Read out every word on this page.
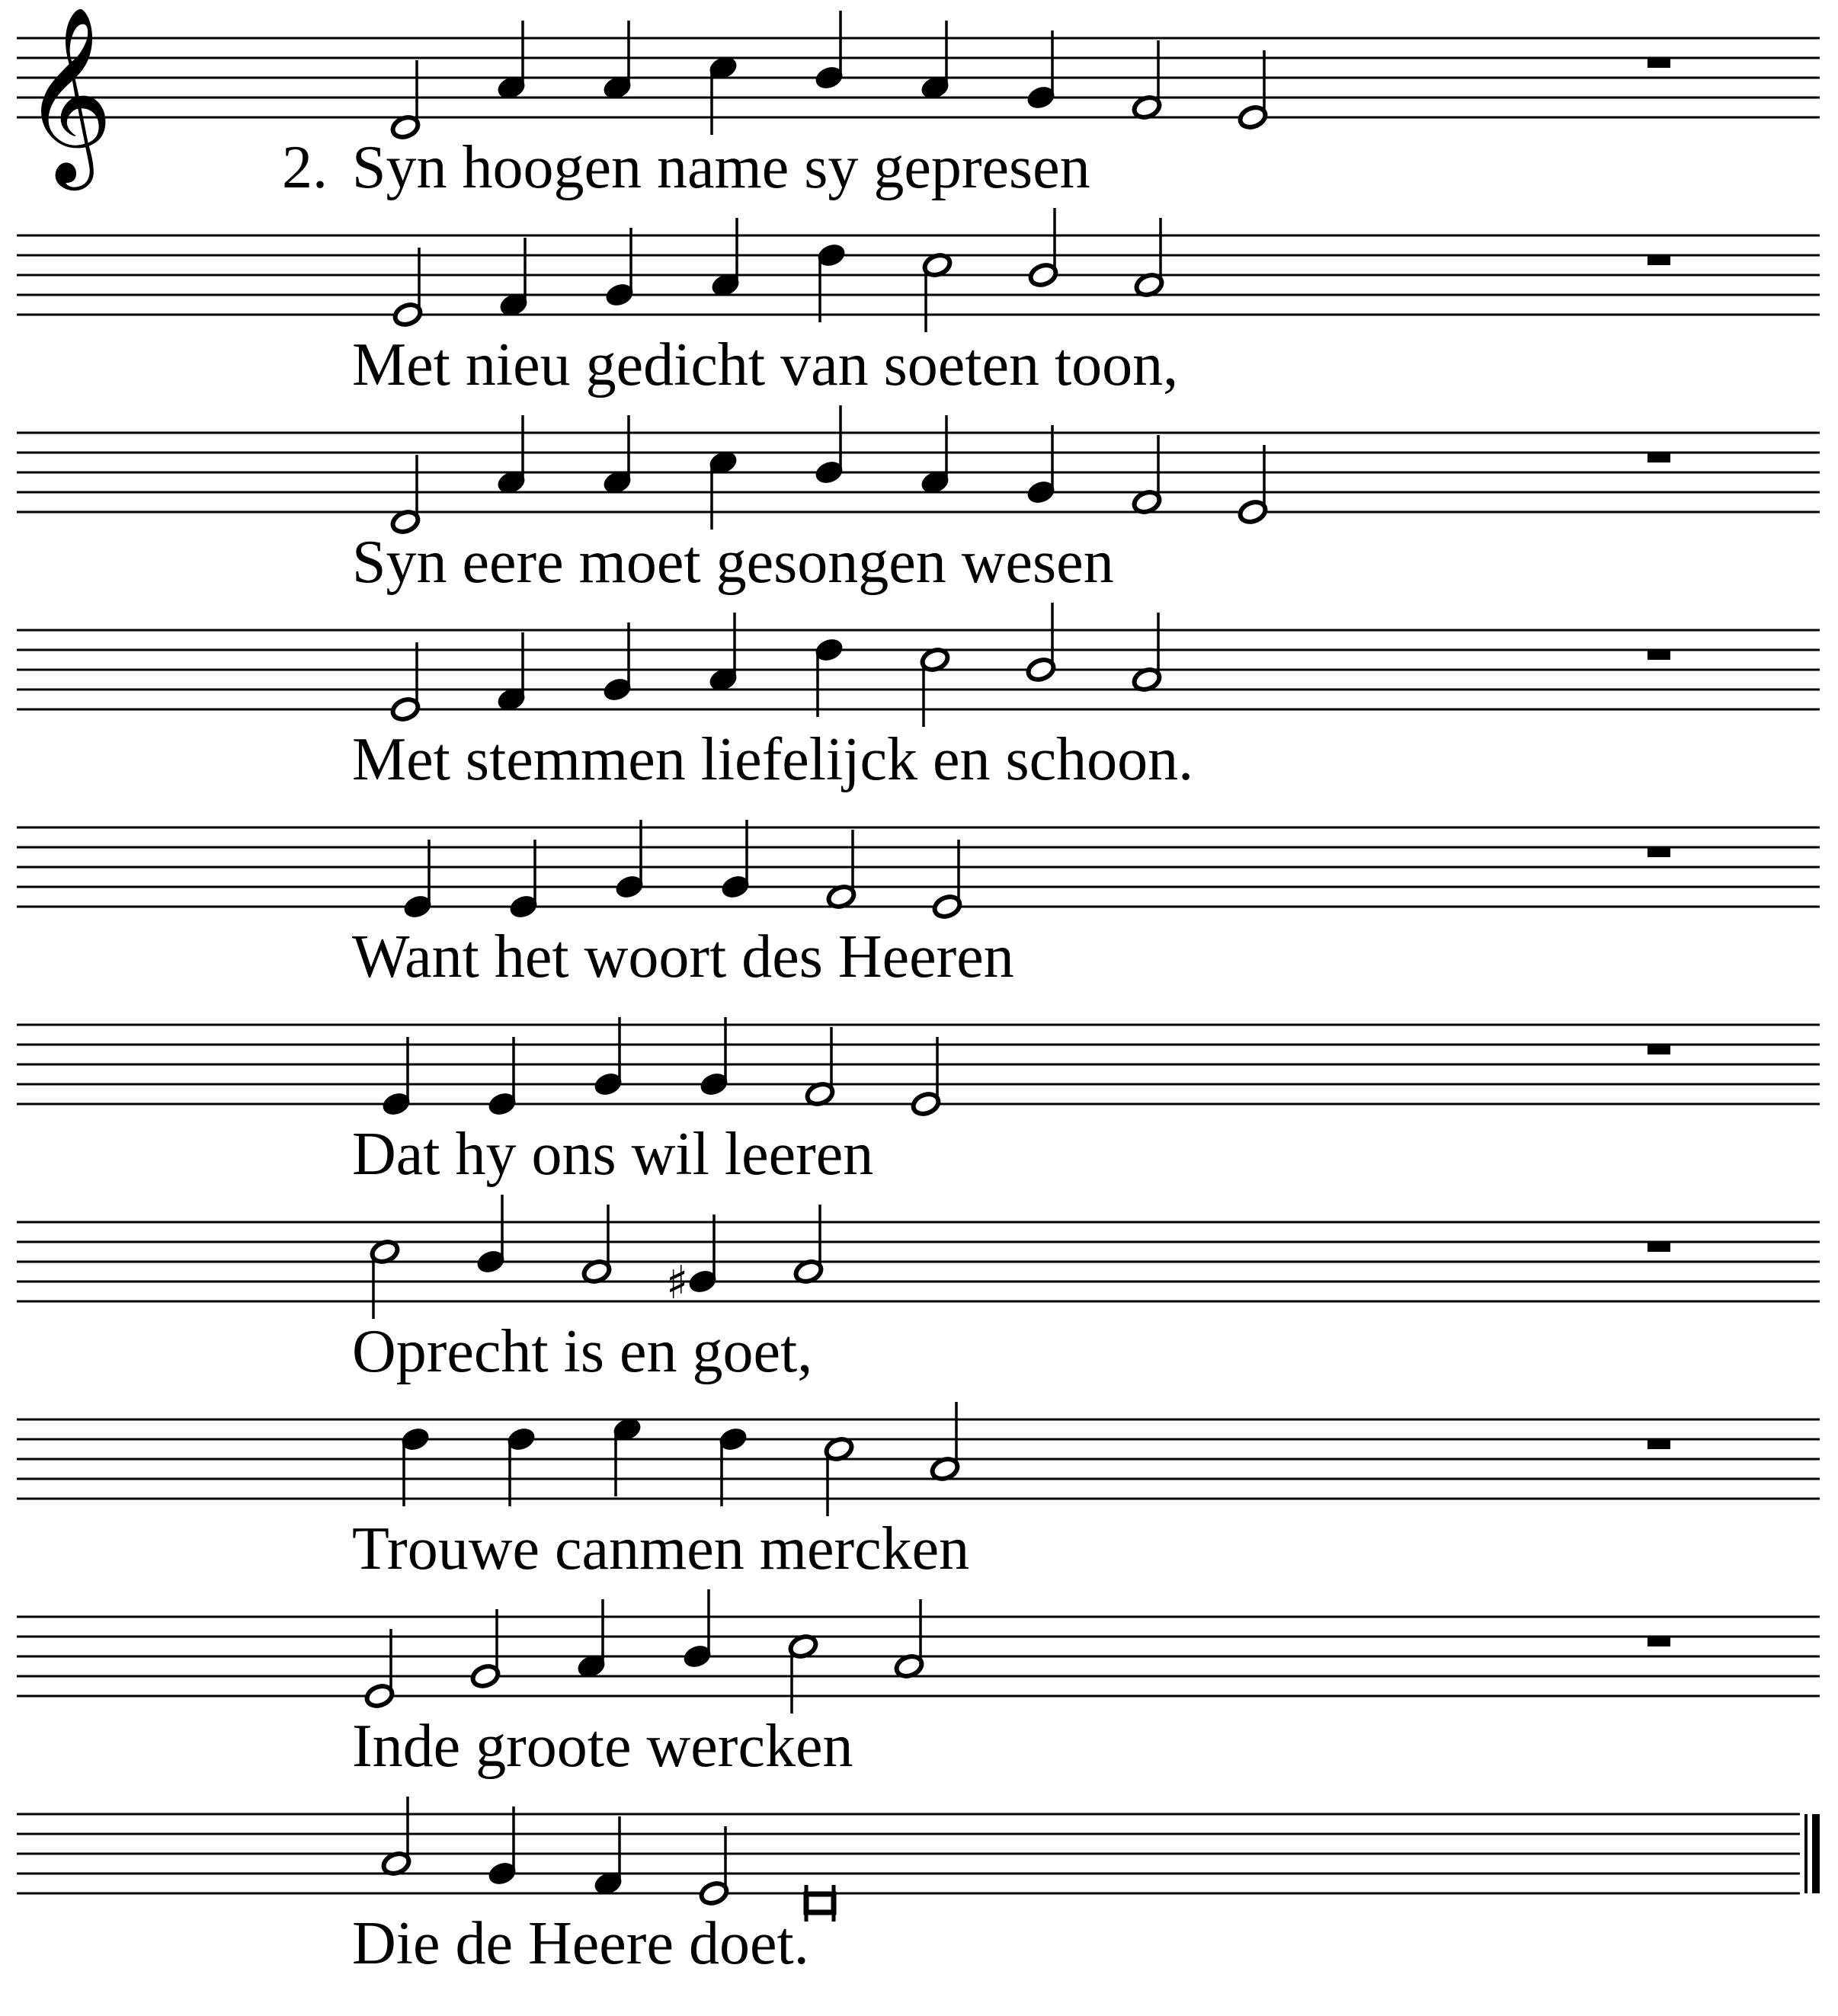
𝄞	2. Syn hoogen name sy gepresen
Met nieu gedicht van soeten toon,
Syn eere moet gesongen wesen
Met stemmen liefelijck en schoon.
Want het woort des Heeren
Dat hy ons wil leeren
♯
Oprecht is en goet,
Trouwe canmen mercken
Inde groote wercken
Die de Heere doet.
